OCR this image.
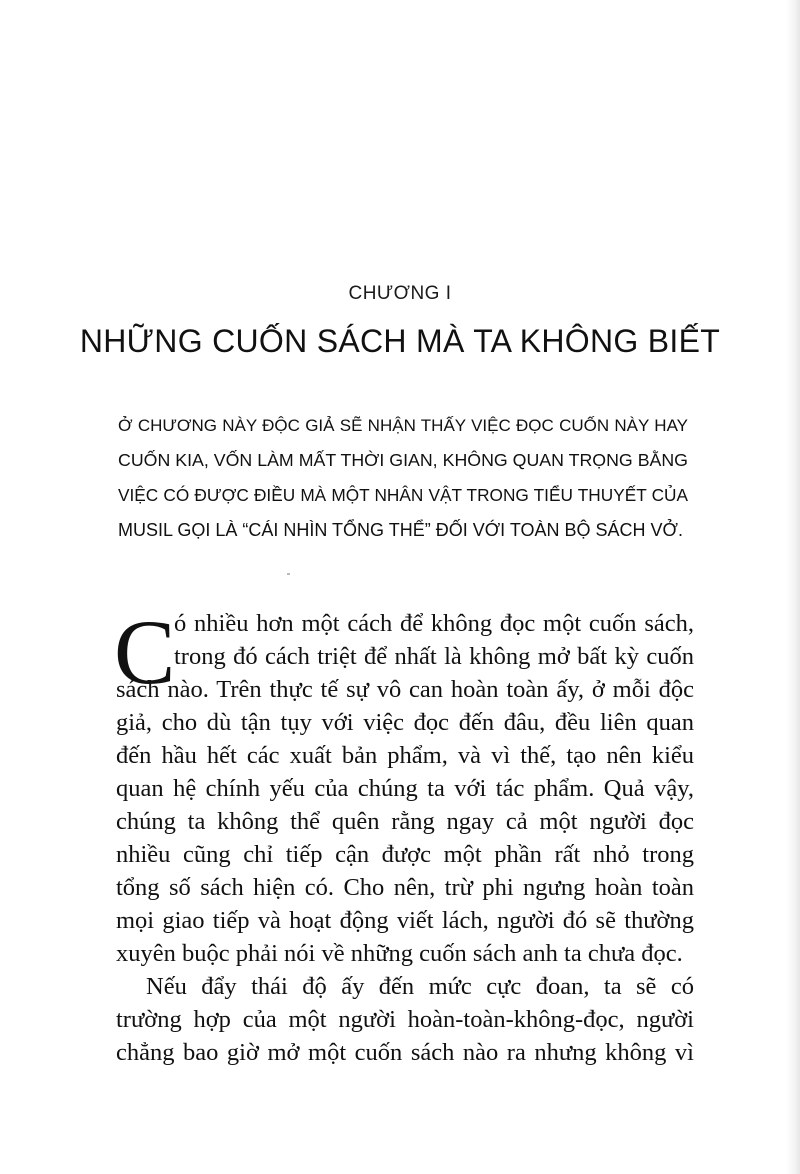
CHƯƠNG I
NHỮNG CUỐN SÁCH MÀ TA KHÔNG BIẾT
Ở CHƯƠNG NÀY ĐỘC GIẢ SẼ NHẬN THẤY VIỆC ĐỌC CUỐN NÀY HAY
CUỐN KIA, VỐN LÀM MẤT THỜI GIAN, KHÔNG QUAN TRỌNG BẰNG
VIỆC CÓ ĐƯỢC ĐIỀU MÀ MỘT NHÂN VẬT TRONG TIỂU THUYẾT CỦA
MUSIL GỌI LÀ “CÁI NHÌN TỔNG THỂ” ĐỐI VỚI TOÀN BỘ SÁCH VỞ.
C
ó nhiều hơn một cách để không đọc một cuốn sách,
trong đó cách triệt để nhất là không mở bất kỳ cuốn
sách nào. Trên thực tế sự vô can hoàn toàn ấy, ở mỗi độc
giả, cho dù tận tụy với việc đọc đến đâu, đều liên quan
đến hầu hết các xuất bản phẩm, và vì thế, tạo nên kiểu
quan hệ chính yếu của chúng ta với tác phẩm. Quả vậy,
chúng ta không thể quên rằng ngay cả một người đọc
nhiều cũng chỉ tiếp cận được một phần rất nhỏ trong
tổng số sách hiện có. Cho nên, trừ phi ngưng hoàn toàn
mọi giao tiếp và hoạt động viết lách, người đó sẽ thường
xuyên buộc phải nói về những cuốn sách anh ta chưa đọc.
Nếu đẩy thái độ ấy đến mức cực đoan, ta sẽ có
trường hợp của một người hoàn-toàn-không-đọc, người
chẳng bao giờ mở một cuốn sách nào ra nhưng không vì
